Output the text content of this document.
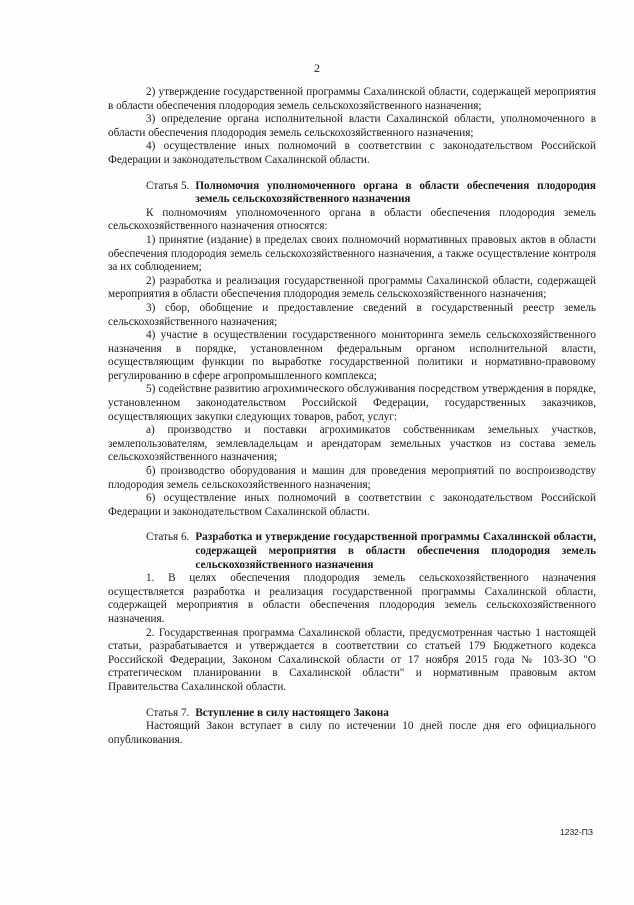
2

2) утверждение государственной программы Сахалинской области, содержащей мероприятия в области обеспечения плодородия земель сельскохозяйственного назначения;

3) определение органа исполнительной власти Сахалинской области, уполномоченного в области обеспечения плодородия земель сельскохозяйственного назначения;

4) осуществление иных полномочий в соответствии с законодательством Российской Федерации и законодательством Сахалинской области.

Статья 5. Полномочия уполномоченного органа в области обеспечения плодородия земель сельскохозяйственного назначения

К полномочиям уполномоченного органа в области обеспечения плодородия земель сельскохозяйственного назначения относятся:

1) принятие (издание) в пределах своих полномочий нормативных правовых актов в области обеспечения плодородия земель сельскохозяйственного назначения, а также осуществление контроля за их соблюдением;

2) разработка и реализация государственной программы Сахалинской области, содержащей мероприятия в области обеспечения плодородия земель сельскохозяйственного назначения;

3) сбор, обобщение и предоставление сведений в государственный реестр земель сельскохозяйственного назначения;

4) участие в осуществлении государственного мониторинга земель сельскохозяйственного назначения в порядке, установленном федеральным органом исполнительной власти, осуществляющим функции по выработке государственной политики и нормативно-правовому регулированию в сфере агропромышленного комплекса;

5) содействие развитию агрохимического обслуживания посредством утверждения в порядке, установленном законодательством Российской Федерации, государственных заказчиков, осуществляющих закупки следующих товаров, работ, услуг:

а) производство и поставки агрохимикатов собственникам земельных участков, землепользователям, землевладельцам и арендаторам земельных участков из состава земель сельскохозяйственного назначения;

б) производство оборудования и машин для проведения мероприятий по воспроизводству плодородия земель сельскохозяйственного назначения;

6) осуществление иных полномочий в соответствии с законодательством Российской Федерации и законодательством Сахалинской области.

Статья 6. Разработка и утверждение государственной программы Сахалинской области, содержащей мероприятия в области обеспечения плодородия земель сельскохозяйственного назначения

1. В целях обеспечения плодородия земель сельскохозяйственного назначения осуществляется разработка и реализация государственной программы Сахалинской области, содержащей мероприятия в области обеспечения плодородия земель сельскохозяйственного назначения.

2. Государственная программа Сахалинской области, предусмотренная частью 1 настоящей статьи, разрабатывается и утверждается в соответствии со статьей 179 Бюджетного кодекса Российской Федерации, Законом Сахалинской области от 17 ноября 2015 года № 103-ЗО "О стратегическом планировании в Сахалинской области" и нормативным правовым актом Правительства Сахалинской области.

Статья 7. Вступление в силу настоящего Закона

Настоящий Закон вступает в силу по истечении 10 дней после дня его официального опубликования.

1232-ПЗ
